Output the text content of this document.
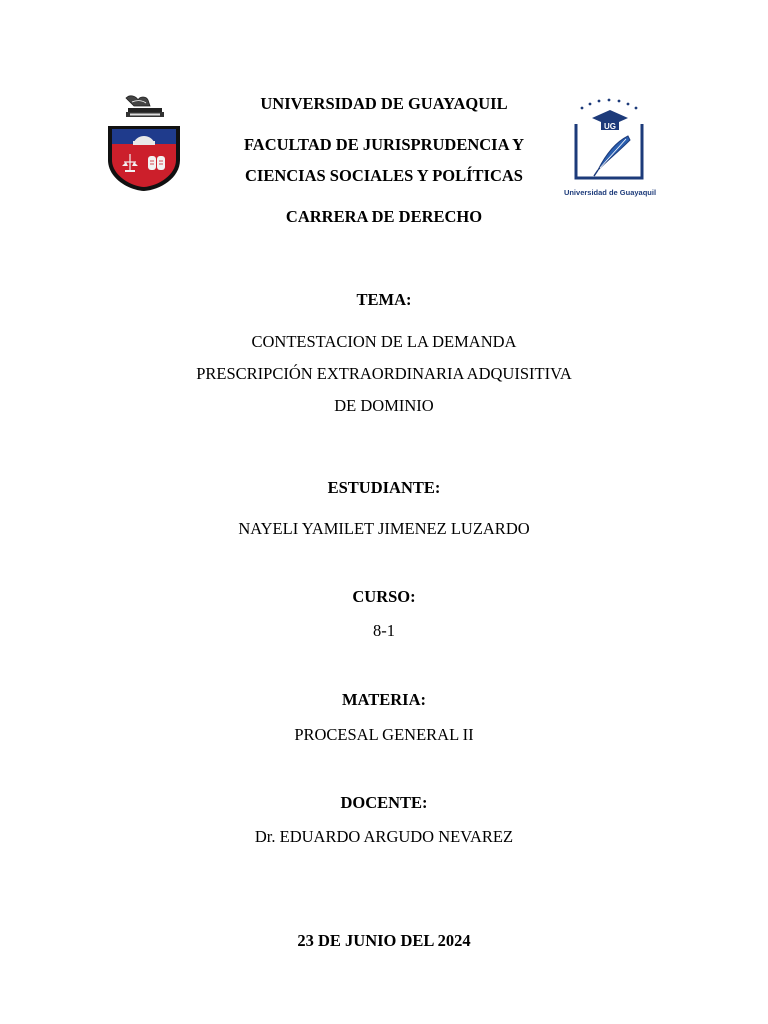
UG
Universidad de Guayaquil
UNIVERSIDAD DE GUAYAQUIL
FACULTAD DE JURISPRUDENCIA Y
CIENCIAS SOCIALES Y POLÍTICAS
CARRERA DE DERECHO
TEMA:
CONTESTACION DE LA DEMANDA
PRESCRIPCIÓN EXTRAORDINARIA ADQUISITIVA
DE DOMINIO
ESTUDIANTE:
NAYELI YAMILET JIMENEZ LUZARDO
CURSO:
8-1
MATERIA:
PROCESAL GENERAL II
DOCENTE:
Dr. EDUARDO ARGUDO NEVAREZ
23 DE JUNIO DEL 2024
